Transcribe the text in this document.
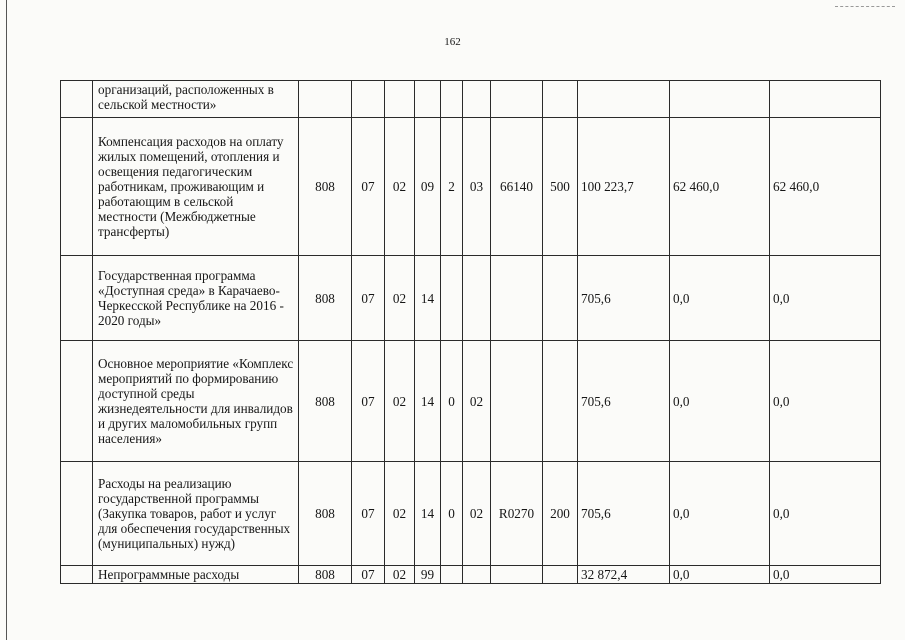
162
	организаций, расположенных в сельской местности»											
	Компенсация расходов на оплату жилых помещений, отопления и освещения педагогическим работникам, проживающим и работающим в сельской местности (Межбюджетные трансферты)	808	07	02	09	2	03	66140	500	100 223,7	62 460,0	62 460,0
	Государственная программа «Доступная среда» в Карачаево-Черкесской Республике на 2016 - 2020 годы»	808	07	02	14					705,6	0,0	0,0
	Основное мероприятие «Комплекс мероприятий по формированию доступной среды жизнедеятельности для инвалидов и других маломобильных групп населения»	808	07	02	14	0	02			705,6	0,0	0,0
	Расходы на реализацию государственной программы (Закупка товаров, работ и услуг для обеспечения государственных (муниципальных) нужд)	808	07	02	14	0	02	R0270	200	705,6	0,0	0,0
	Непрограммные расходы	808	07	02	99					32 872,4	0,0	0,0
